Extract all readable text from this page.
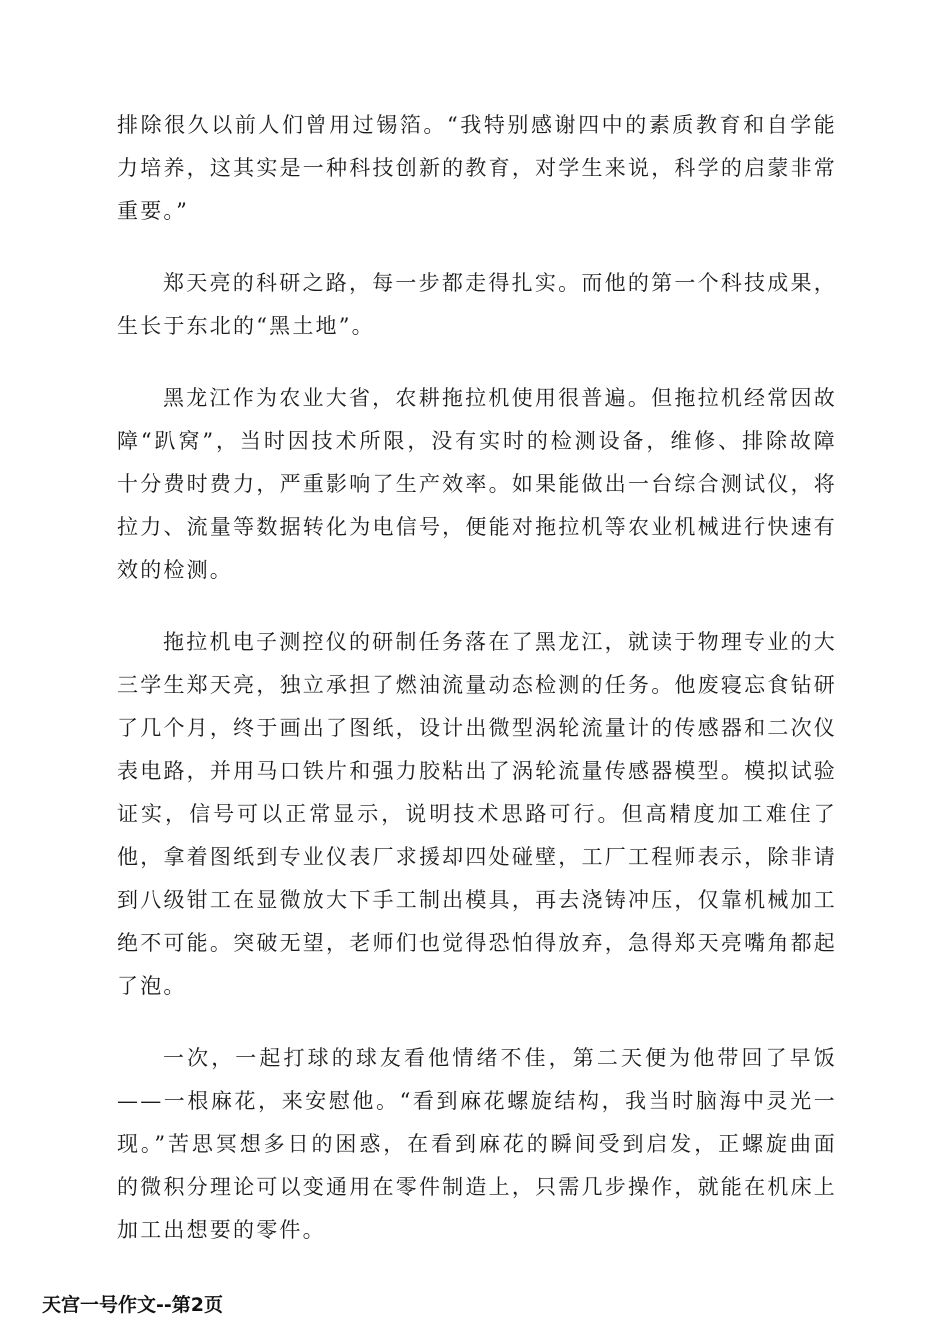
排除很久以前人们曾用过锡箔。“我特别感谢四中的素质教育和自学能力培养，这其实是一种科技创新的教育，对学生来说，科学的启蒙非常重要。”

郑天亮的科研之路，每一步都走得扎实。而他的第一个科技成果，生长于东北的“黑土地”。

黑龙江作为农业大省，农耕拖拉机使用很普遍。但拖拉机经常因故障“趴窝”，当时因技术所限，没有实时的检测设备，维修、排除故障十分费时费力，严重影响了生产效率。如果能做出一台综合测试仪，将拉力、流量等数据转化为电信号，便能对拖拉机等农业机械进行快速有效的检测。

拖拉机电子测控仪的研制任务落在了黑龙江，就读于物理专业的大三学生郑天亮，独立承担了燃油流量动态检测的任务。他废寝忘食钻研了几个月，终于画出了图纸，设计出微型涡轮流量计的传感器和二次仪表电路，并用马口铁片和强力胶粘出了涡轮流量传感器模型。模拟试验证实，信号可以正常显示，说明技术思路可行。但高精度加工难住了他，拿着图纸到专业仪表厂求援却四处碰壁，工厂工程师表示，除非请到八级钳工在显微放大下手工制出模具，再去浇铸冲压，仅靠机械加工绝不可能。突破无望，老师们也觉得恐怕得放弃，急得郑天亮嘴角都起了泡。

一次，一起打球的球友看他情绪不佳，第二天便为他带回了早饭——一根麻花，来安慰他。“看到麻花螺旋结构，我当时脑海中灵光一现。”苦思冥想多日的困惑，在看到麻花的瞬间受到启发，正螺旋曲面的微积分理论可以变通用在零件制造上，只需几步操作，就能在机床上加工出想要的零件。

天宫一号作文--第2页
